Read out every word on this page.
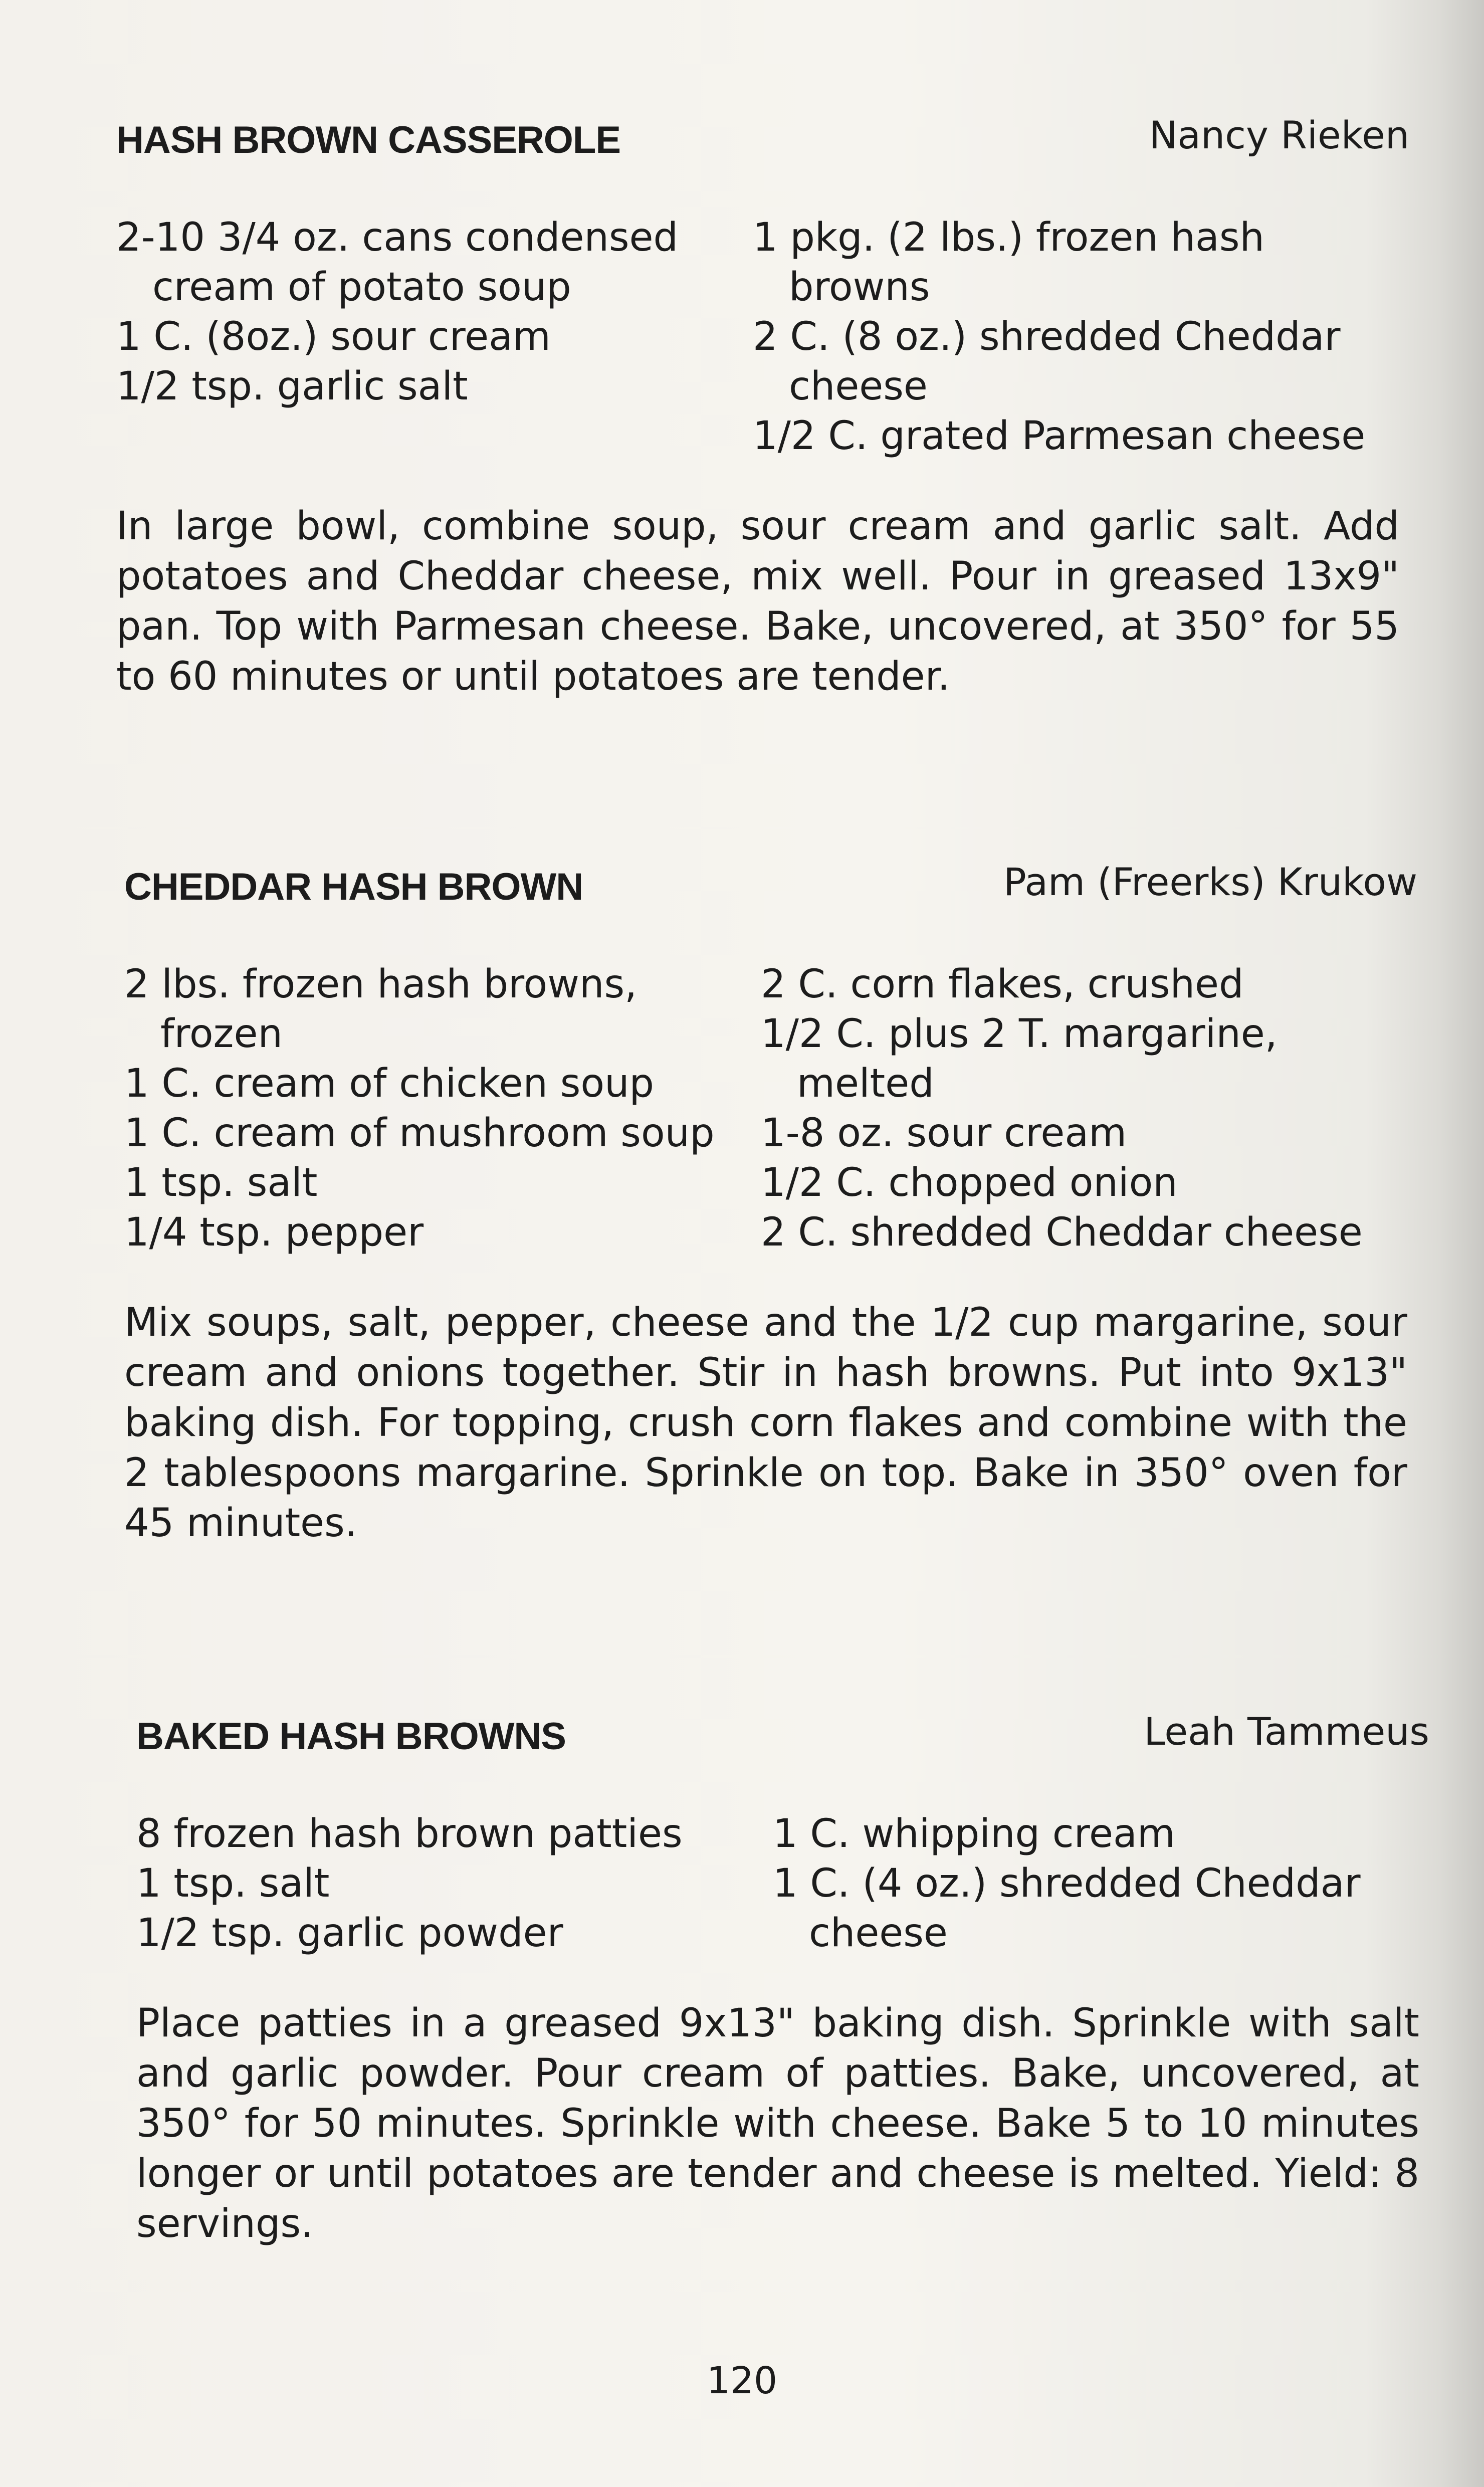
HASH BROWN CASSEROLE	Nancy Rieken
2-10 3/4 oz. cans condensed cream of potato soup
1 C. (8oz.) sour cream
1/2 tsp. garlic salt
1 pkg. (2 lbs.) frozen hash browns
2 C. (8 oz.) shredded Cheddar cheese
1/2 C. grated Parmesan cheese
In large bowl, combine soup, sour cream and garlic salt. Add potatoes and Cheddar cheese, mix well. Pour in greased 13x9" pan. Top with Parmesan cheese. Bake, uncovered, at 350° for 55 to 60 minutes or until potatoes are tender.
CHEDDAR HASH BROWN	Pam (Freerks) Krukow
2 lbs. frozen hash browns, frozen
1 C. cream of chicken soup
1 C. cream of mushroom soup
1 tsp. salt
1/4 tsp. pepper
2 C. corn flakes, crushed
1/2 C. plus 2 T. margarine, melted
1-8 oz. sour cream
1/2 C. chopped onion
2 C. shredded Cheddar cheese
Mix soups, salt, pepper, cheese and the 1/2 cup margarine, sour cream and onions together. Stir in hash browns. Put into 9x13" baking dish. For topping, crush corn flakes and combine with the 2 tablespoons margarine. Sprinkle on top. Bake in 350° oven for 45 minutes.
BAKED HASH BROWNS	Leah Tammeus
8 frozen hash brown patties
1 tsp. salt
1/2 tsp. garlic powder
1 C. whipping cream
1 C. (4 oz.) shredded Cheddar cheese
Place patties in a greased 9x13" baking dish. Sprinkle with salt and garlic powder. Pour cream of patties. Bake, uncovered, at 350° for 50 minutes. Sprinkle with cheese. Bake 5 to 10 minutes longer or until potatoes are tender and cheese is melted. Yield: 8 servings.
120
